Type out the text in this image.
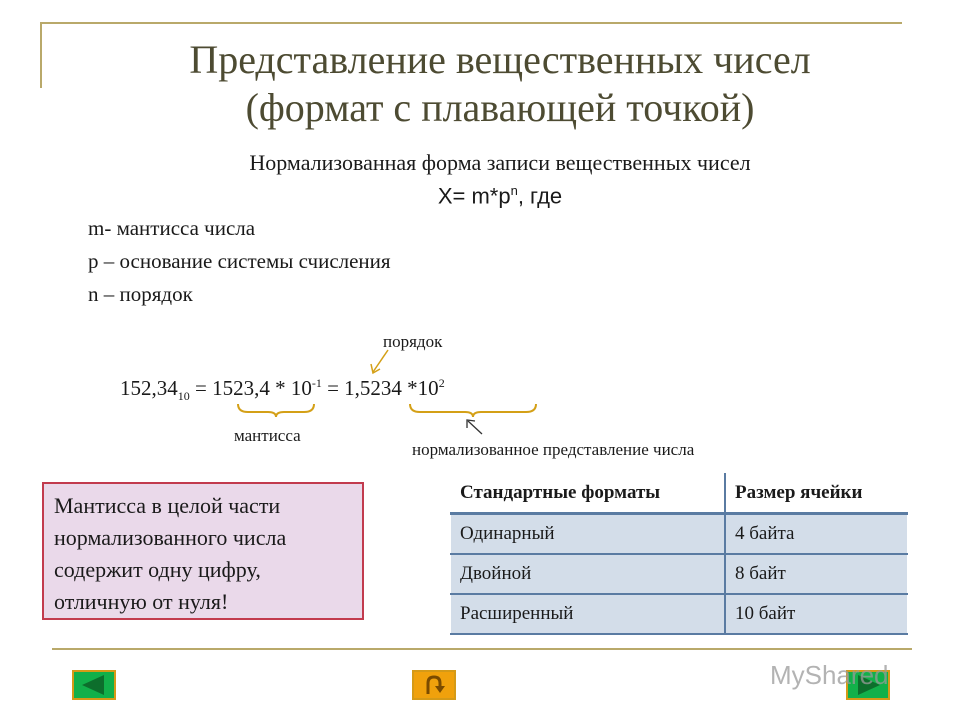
Представление вещественных чисел
(формат с плавающей точкой)
Нормализованная форма записи вещественных чисел
$X= m*p^n$, где
m- мантисса числа
p – основание системы счисления
n – порядок
порядок
$152,34_{10} = 1523,4 * 10^{-1} = 1,5234$ $*10^2$
мантисса
нормализованное представление числа
Мантисса в целой части
нормализованного числа
содержит одну цифру,
отличную от нуля!
Стандартные форматы	Размер ячейки
Одинарный	4 байта
Двойной	8 байт
Расширенный	10 байт
MyShared
